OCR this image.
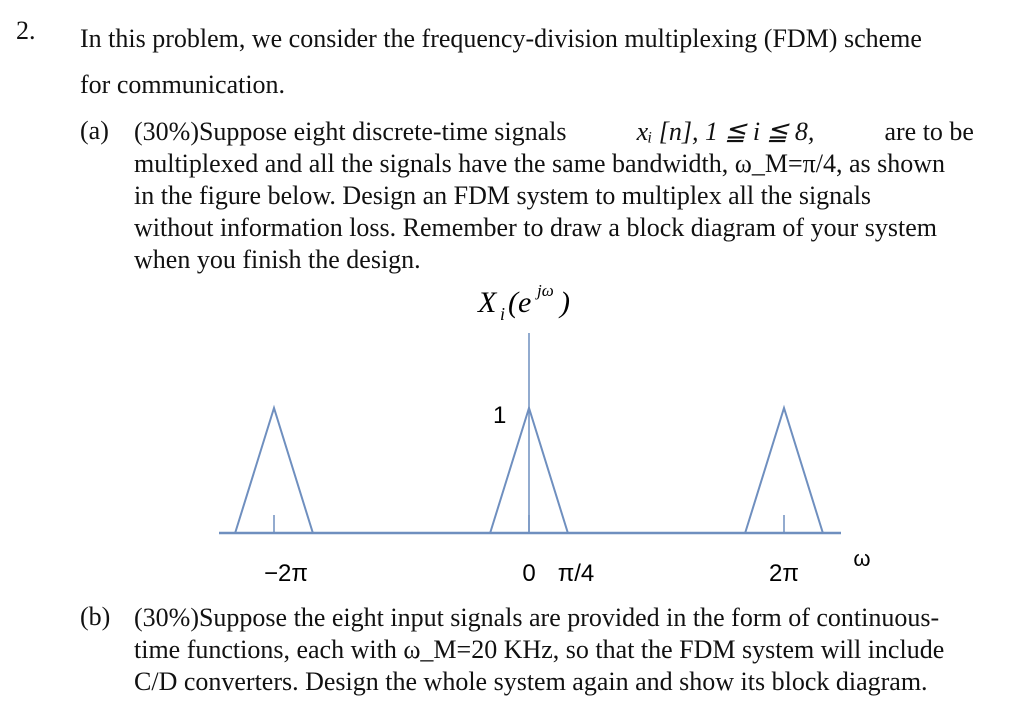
2. In this problem, we consider the frequency-division multiplexing (FDM) scheme
for communication.
(a) (30%)Suppose eight discrete-time signals	xᵢ [n], 1 ≦ i ≦ 8,	are to be
multiplexed and all the signals have the same bandwidth, ω_M=π/4, as shown
in the figure below. Design an FDM system to multiplex all the signals
without information loss. Remember to draw a block diagram of your system
when you finish the design.
X i (e jω )
1
−2π	0 π/4	2π
ω
(b) (30%)Suppose the eight input signals are provided in the form of continuous-
time functions, each with ω_M=20 KHz, so that the FDM system will include
C/D converters. Design the whole system again and show its block diagram.
